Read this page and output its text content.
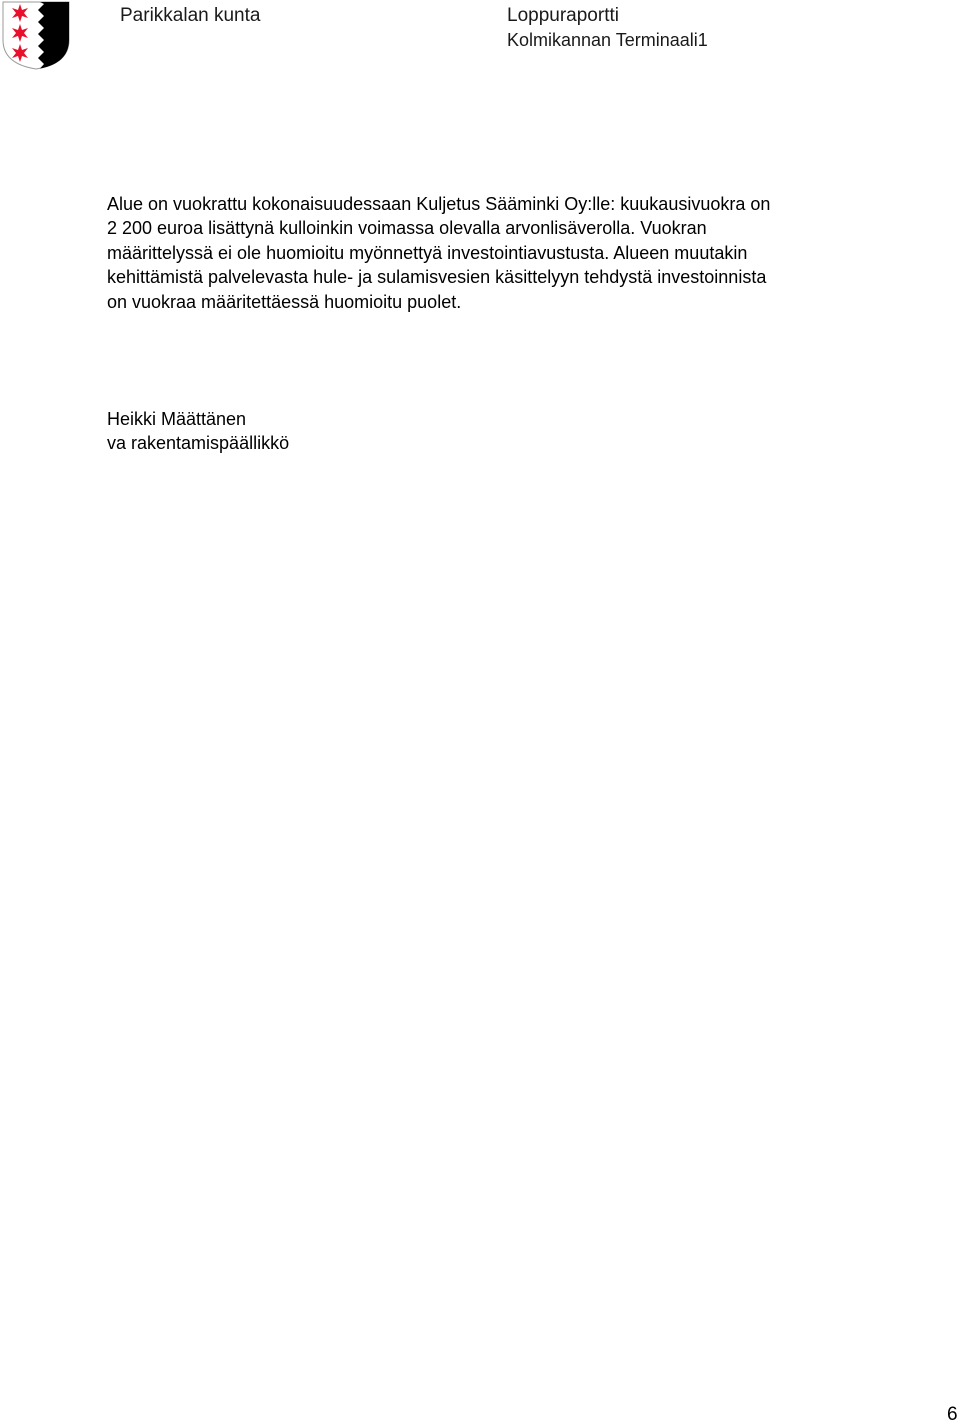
Parikkalan kunta	Loppuraportti
Kolmikannan Terminaali1
Alue on vuokrattu kokonaisuudessaan Kuljetus Sääminki Oy:lle: kuukausivuokra on
2 200 euroa lisättynä kulloinkin voimassa olevalla arvonlisäverolla. Vuokran
määrittelyssä ei ole huomioitu myönnettyä investointiavustusta. Alueen muutakin
kehittämistä palvelevasta hule- ja sulamisvesien käsittelyyn tehdystä investoinnista
on vuokraa määritettäessä huomioitu puolet.
Heikki Määttänen
va rakentamispäällikkö
6
